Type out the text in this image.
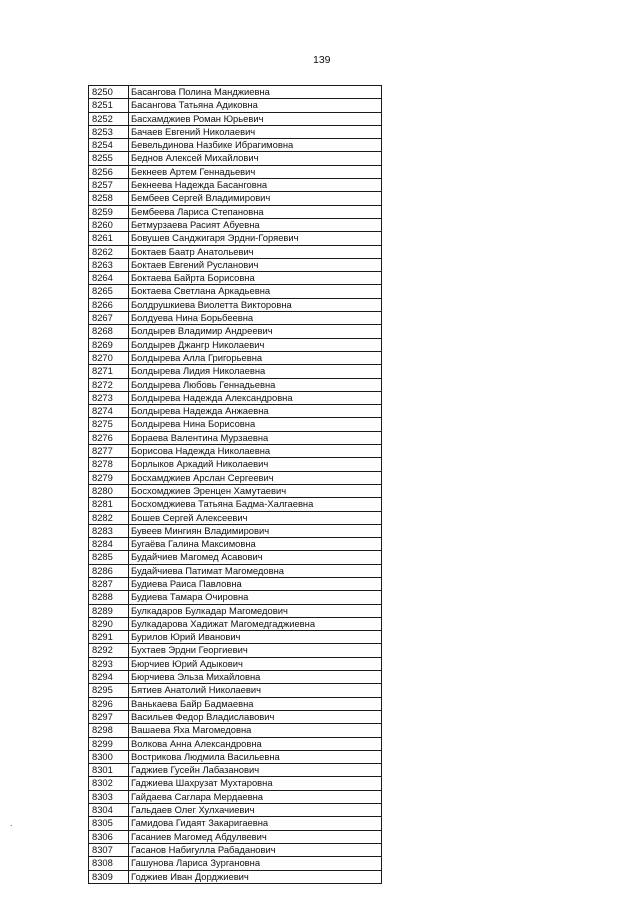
139
.
8250	Басангова Полина Манджиевна
8251	Басангова Татьяна Адиковна
8252	Басхамджиев Роман Юрьевич
8253	Бачаев Евгений Николаевич
8254	Бевельдинова Назбике Ибрагимовна
8255	Беднов Алексей Михайлович
8256	Бекнеев Артем Геннадьевич
8257	Бекнеева Надежда Басанговна
8258	Бембеев Сергей Владимирович
8259	Бембеева Лариса Степановна
8260	Бетмурзаева Расият Абуевна
8261	Бовушев Санджигаря Эрдни-Горяевич
8262	Боктаев Баатр Анатольевич
8263	Боктаев Евгений Русланович
8264	Боктаева Байрта Борисовна
8265	Боктаева Светлана Аркадьевна
8266	Болдрушкиева Виолетта Викторовна
8267	Болдуева Нина Борьбеевна
8268	Болдырев Владимир Андреевич
8269	Болдырев Джангр Николаевич
8270	Болдырева Алла Григорьевна
8271	Болдырева Лидия Николаевна
8272	Болдырева Любовь Геннадьевна
8273	Болдырева Надежда Александровна
8274	Болдырева Надежда Анжаевна
8275	Болдырева Нина Борисовна
8276	Бораева Валентина Мурзаевна
8277	Борисова Надежда Николаевна
8278	Борлыков Аркадий Николаевич
8279	Босхамджиев Арслан Сергеевич
8280	Босхомджиев Эренцен Хамутаевич
8281	Босхомджиева Татьяна Бадма-Халгаевна
8282	Бошев Сергей Алексеевич
8283	Бувеев Мингиян Владимирович
8284	Бугаёва Галина Максимовна
8285	Будайчиев Магомед Асавович
8286	Будайчиева Патимат Магомедовна
8287	Будиева Раиса Павловна
8288	Будиева Тамара Очировна
8289	Булкадаров Булкадар Магомедович
8290	Булкадарова Хадижат Магомедгаджиевна
8291	Бурилов Юрий Иванович
8292	Бухтаев Эрдни Георгиевич
8293	Бюрчиев Юрий Адыкович
8294	Бюрчиева Эльза Михайловна
8295	Бятиев Анатолий Николаевич
8296	Ванькаева Байр Бадмаевна
8297	Васильев Федор Владиславович
8298	Вашаева Яха Магомедовна
8299	Волкова Анна Александровна
8300	Вострикова Людмила Васильевна
8301	Гаджиев Гусейн Лабазанович
8302	Гаджиева Шахрузат Мухтаровна
8303	Гайдаева Саглара Мердаевна
8304	Гальдаев Олег Хулхачиевич
8305	Гамидова Гидаят Закаригаевна
8306	Гасаниев Магомед Абдулвевич
8307	Гасанов Набигулла Рабаданович
8308	Гашунова Лариса Зургановна
8309	Годжиев Иван Дорджиевич
